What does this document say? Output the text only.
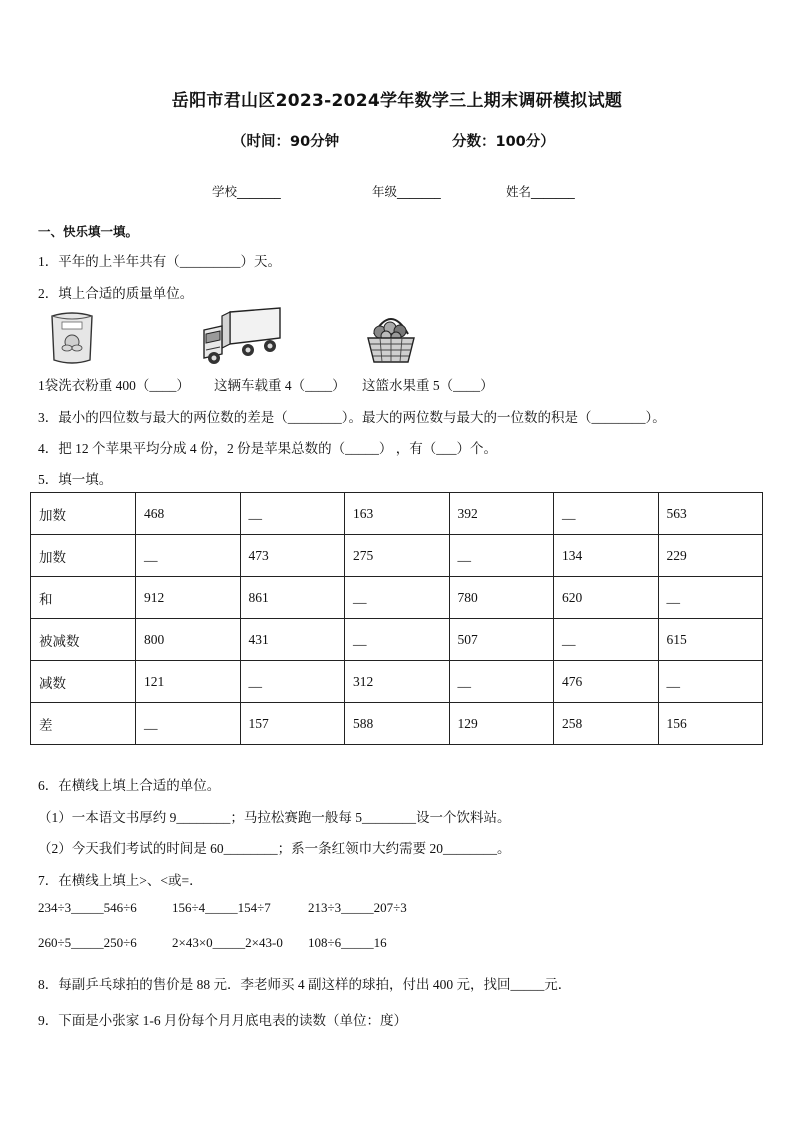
岳阳市君山区2023-2024学年数学三上期末调研模拟试题
（时间：90分钟	分数：100分）
学校_______	年级_______	姓名_______
一、快乐填一填。
1．平年的上半年共有（_________）天。
2．填上合适的质量单位。
1袋洗衣粉重 400（____） 这辆车载重 4（____） 这篮水果重 5（____）
3．最小的四位数与最大的两位数的差是（________）。最大的两位数与最大的一位数的积是（________）。
4．把 12 个苹果平均分成 4 份，2 份是苹果总数的（_____） ，有（___）个。
5．填一填。
加数	468	__	163	392	__	563
加数	__	473	275	__	134	229
和	912	861	__	780	620	__
被减数	800	431	__	507	__	615
减数	121	__	312	__	476	__
差	__	157	588	129	258	156
6．在横线上填上合适的单位。
（1）一本语文书厚约 9________；马拉松赛跑一般每 5________设一个饮料站。
（2）今天我们考试的时间是 60________；系一条红领巾大约需要 20________。
7．在横线上填上>、<或=．
234÷3_____546÷6	156÷4_____154÷7	213÷3_____207÷3
260÷5_____250÷6	2×43×0_____2×43-0 108÷6_____16
8．每副乒乓球拍的售价是 88 元．李老师买 4 副这样的球拍，付出 400 元，找回_____元．
9．下面是小张家 1-6 月份每个月月底电表的读数（单位：度）
